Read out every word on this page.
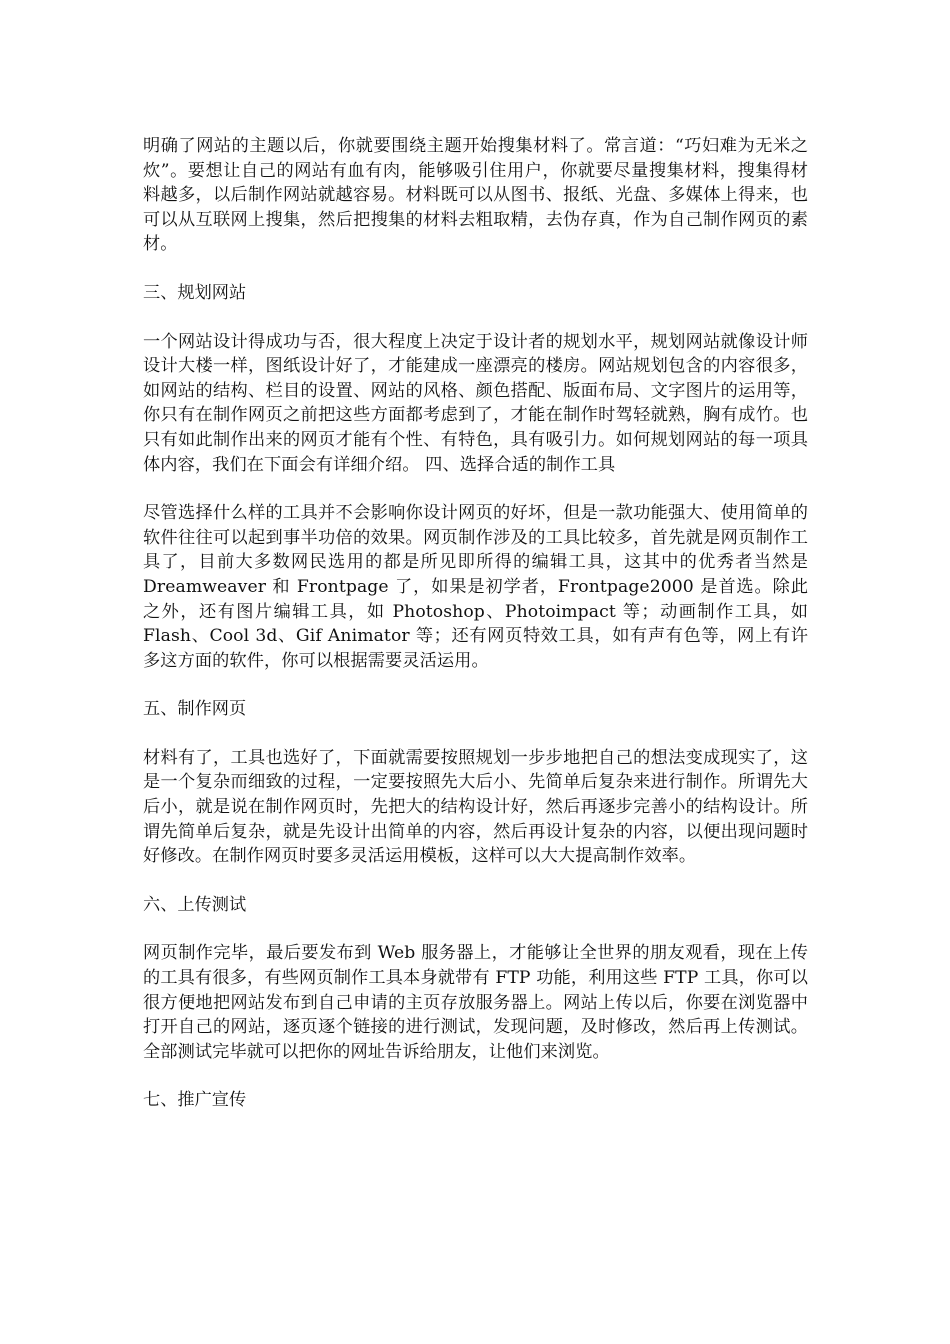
明确了网站的主题以后，你就要围绕主题开始搜集材料了。常言道：“巧妇难为无米之炊”。要想让自己的网站有血有肉，能够吸引住用户，你就要尽量搜集材料，搜集得材料越多，以后制作网站就越容易。材料既可以从图书、报纸、光盘、多媒体上得来，也可以从互联网上搜集，然后把搜集的材料去粗取精，去伪存真，作为自己制作网页的素材。

三、规划网站

一个网站设计得成功与否，很大程度上决定于设计者的规划水平，规划网站就像设计师设计大楼一样，图纸设计好了，才能建成一座漂亮的楼房。网站规划包含的内容很多，如网站的结构、栏目的设置、网站的风格、颜色搭配、版面布局、文字图片的运用等，你只有在制作网页之前把这些方面都考虑到了，才能在制作时驾轻就熟，胸有成竹。也只有如此制作出来的网页才能有个性、有特色，具有吸引力。如何规划网站的每一项具体内容，我们在下面会有详细介绍。 四、选择合适的制作工具

尽管选择什么样的工具并不会影响你设计网页的好坏，但是一款功能强大、使用简单的软件往往可以起到事半功倍的效果。网页制作涉及的工具比较多，首先就是网页制作工具了，目前大多数网民选用的都是所见即所得的编辑工具，这其中的优秀者当然是 Dreamweaver 和 Frontpage 了，如果是初学者，Frontpage2000 是首选。除此之外，还有图片编辑工具，如 Photoshop、Photoimpact 等；动画制作工具，如 Flash、Cool 3d、Gif Animator 等；还有网页特效工具，如有声有色等，网上有许多这方面的软件，你可以根据需要灵活运用。

五、制作网页

材料有了，工具也选好了，下面就需要按照规划一步步地把自己的想法变成现实了，这是一个复杂而细致的过程，一定要按照先大后小、先简单后复杂来进行制作。所谓先大后小，就是说在制作网页时，先把大的结构设计好，然后再逐步完善小的结构设计。所谓先简单后复杂，就是先设计出简单的内容，然后再设计复杂的内容，以便出现问题时好修改。在制作网页时要多灵活运用模板，这样可以大大提高制作效率。

六、上传测试

网页制作完毕，最后要发布到 Web 服务器上，才能够让全世界的朋友观看，现在上传的工具有很多，有些网页制作工具本身就带有 FTP 功能，利用这些 FTP 工具，你可以很方便地把网站发布到自己申请的主页存放服务器上。网站上传以后，你要在浏览器中打开自己的网站，逐页逐个链接的进行测试，发现问题，及时修改，然后再上传测试。全部测试完毕就可以把你的网址告诉给朋友，让他们来浏览。

七、推广宣传
